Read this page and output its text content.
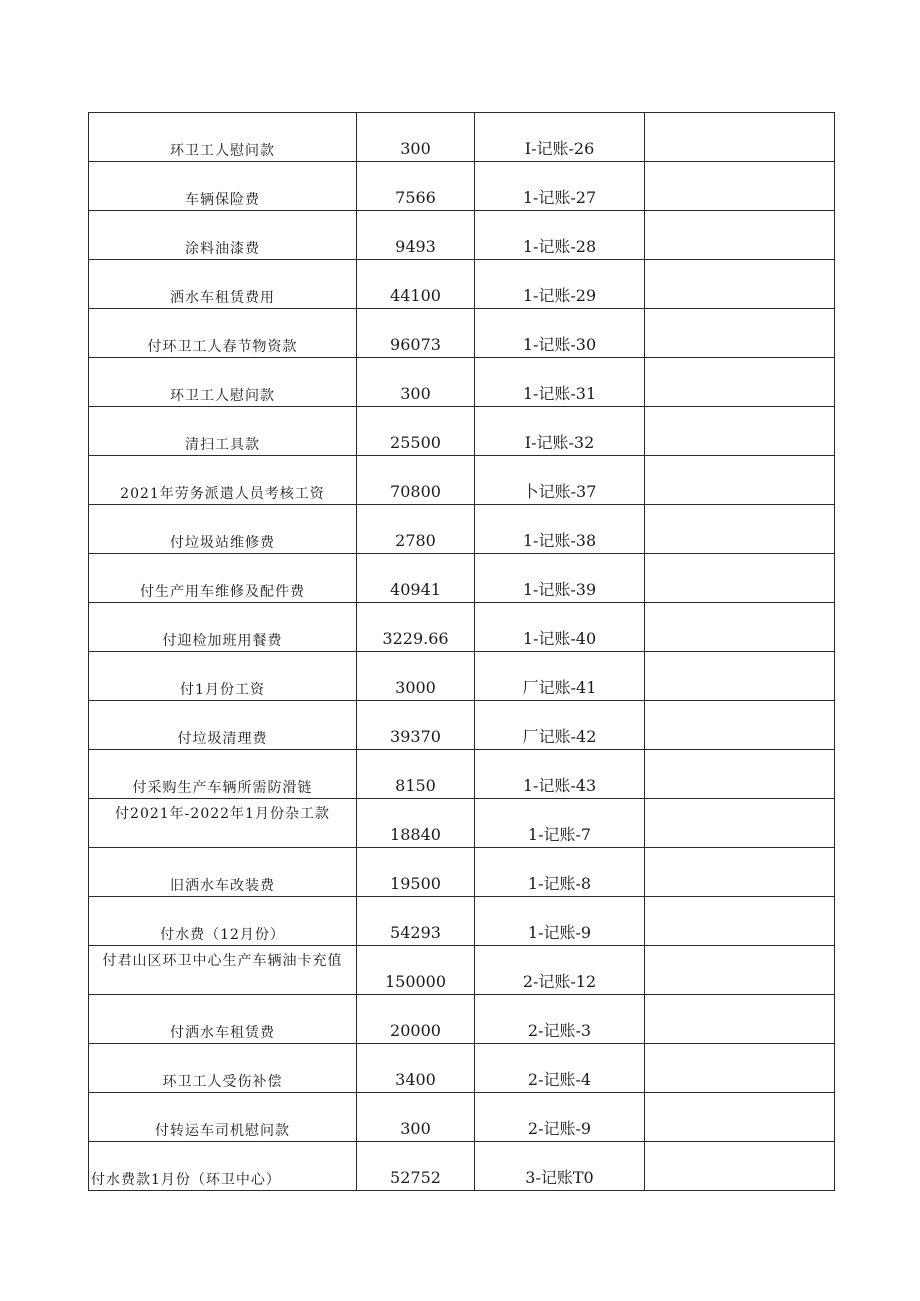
环卫工人慰问款	300	I-记账-26	

车辆保险费	7566	1-记账-27	

涂料油漆费	9493	1-记账-28	

洒水车租赁费用	44100	1-记账-29	

付环卫工人春节物资款	96073	1-记账-30	

环卫工人慰问款	300	1-记账-31	

清扫工具款	25500	I-记账-32	

2021年劳务派遣人员考核工资	70800	卜记账-37	

付垃圾站维修费	2780	1-记账-38	

付生产用车维修及配件费	40941	1-记账-39	

付迎检加班用餐费	3229.66	1-记账-40	

付1月份工资	3000	厂记账-41	

付垃圾清理费	39370	厂记账-42	

付采购生产车辆所需防滑链	8150	1-记账-43	

付2021年-2022年1月份杂工款	18840	1-记账-7	

旧洒水车改装费	19500	1-记账-8	

付水费（12月份）	54293	1-记账-9	

付君山区环卫中心生产车辆油卡充值	150000	2-记账-12	

付洒水车租赁费	20000	2-记账-3	

环卫工人受伤补偿	3400	2-记账-4	

付转运车司机慰问款	300	2-记账-9	

付水费款1月份（环卫中心）	52752	3-记账T0	
